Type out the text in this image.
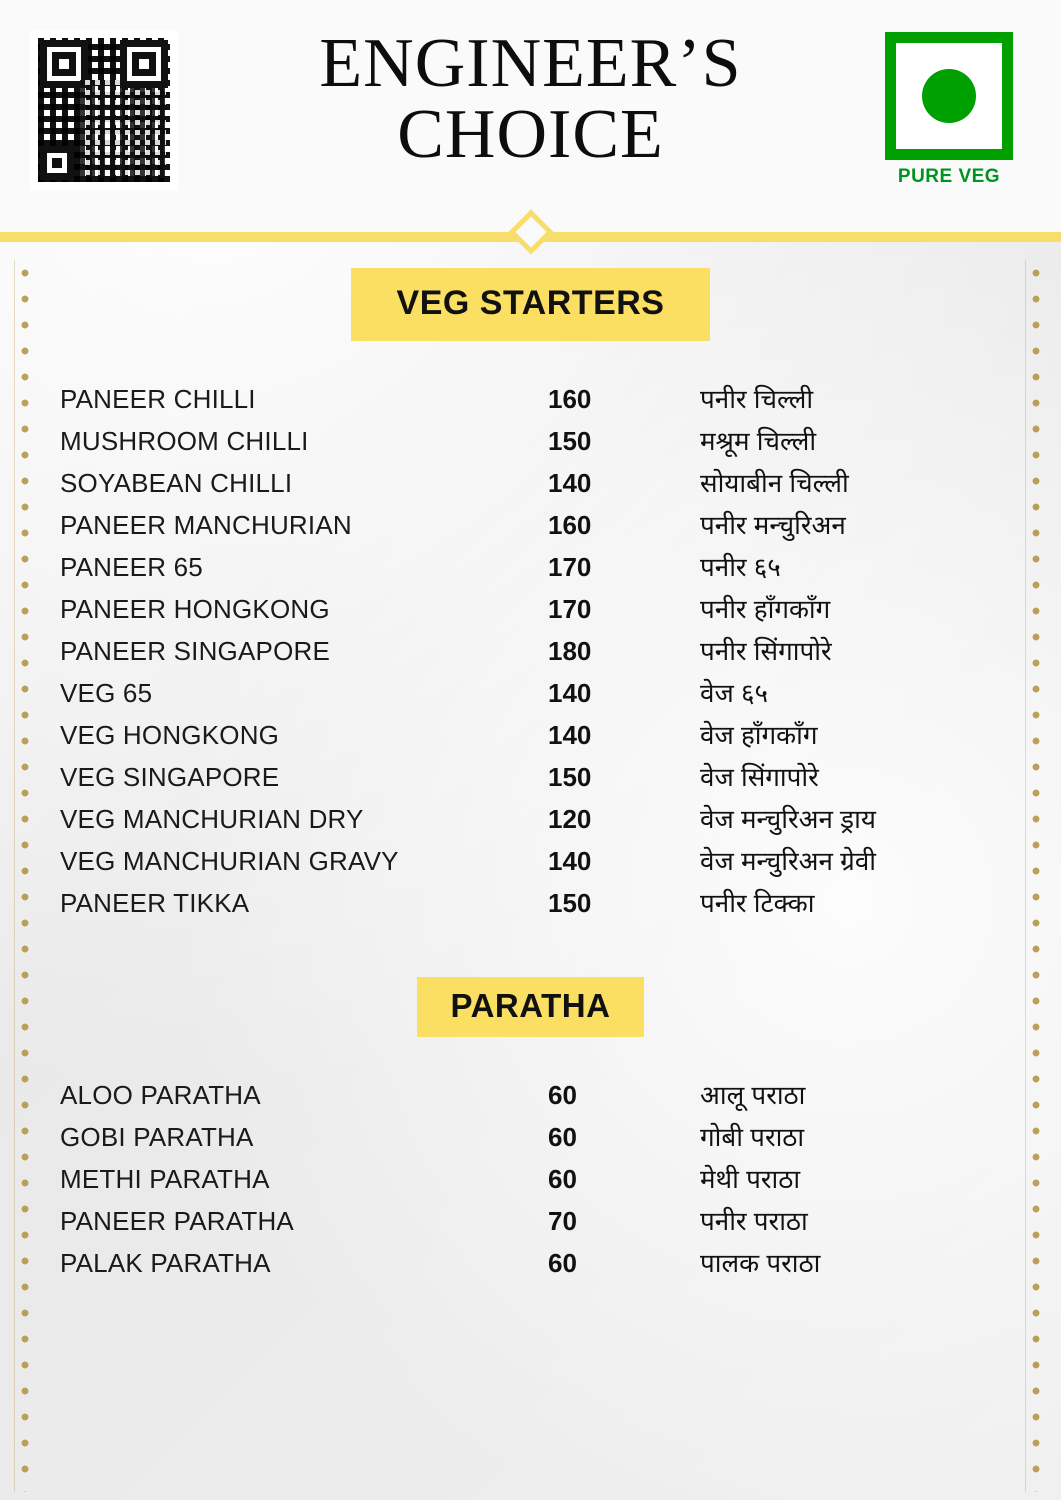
ENGINEER’S
CHOICE
PURE VEG
VEG STARTERS
PANEER CHILLI	160	पनीर चिल्ली
MUSHROOM CHILLI	150	मश्रूम चिल्ली
SOYABEAN CHILLI	140	सोयाबीन चिल्ली
PANEER MANCHURIAN	160	पनीर मन्चुरिअन
PANEER 65	170	पनीर ६५
PANEER HONGKONG	170	पनीर हाँगकाँग
PANEER SINGAPORE	180	पनीर सिंगापोरे
VEG 65	140	वेज ६५
VEG HONGKONG	140	वेज हाँगकाँग
VEG SINGAPORE	150	वेज सिंगापोरे
VEG MANCHURIAN DRY	120	वेज मन्चुरिअन ड्राय
VEG MANCHURIAN GRAVY	140	वेज मन्चुरिअन ग्रेवी
PANEER TIKKA	150	पनीर टिक्का
PARATHA
ALOO PARATHA	60	आलू पराठा
GOBI PARATHA	60	गोबी पराठा
METHI PARATHA	60	मेथी पराठा
PANEER PARATHA	70	पनीर पराठा
PALAK PARATHA	60	पालक पराठा
